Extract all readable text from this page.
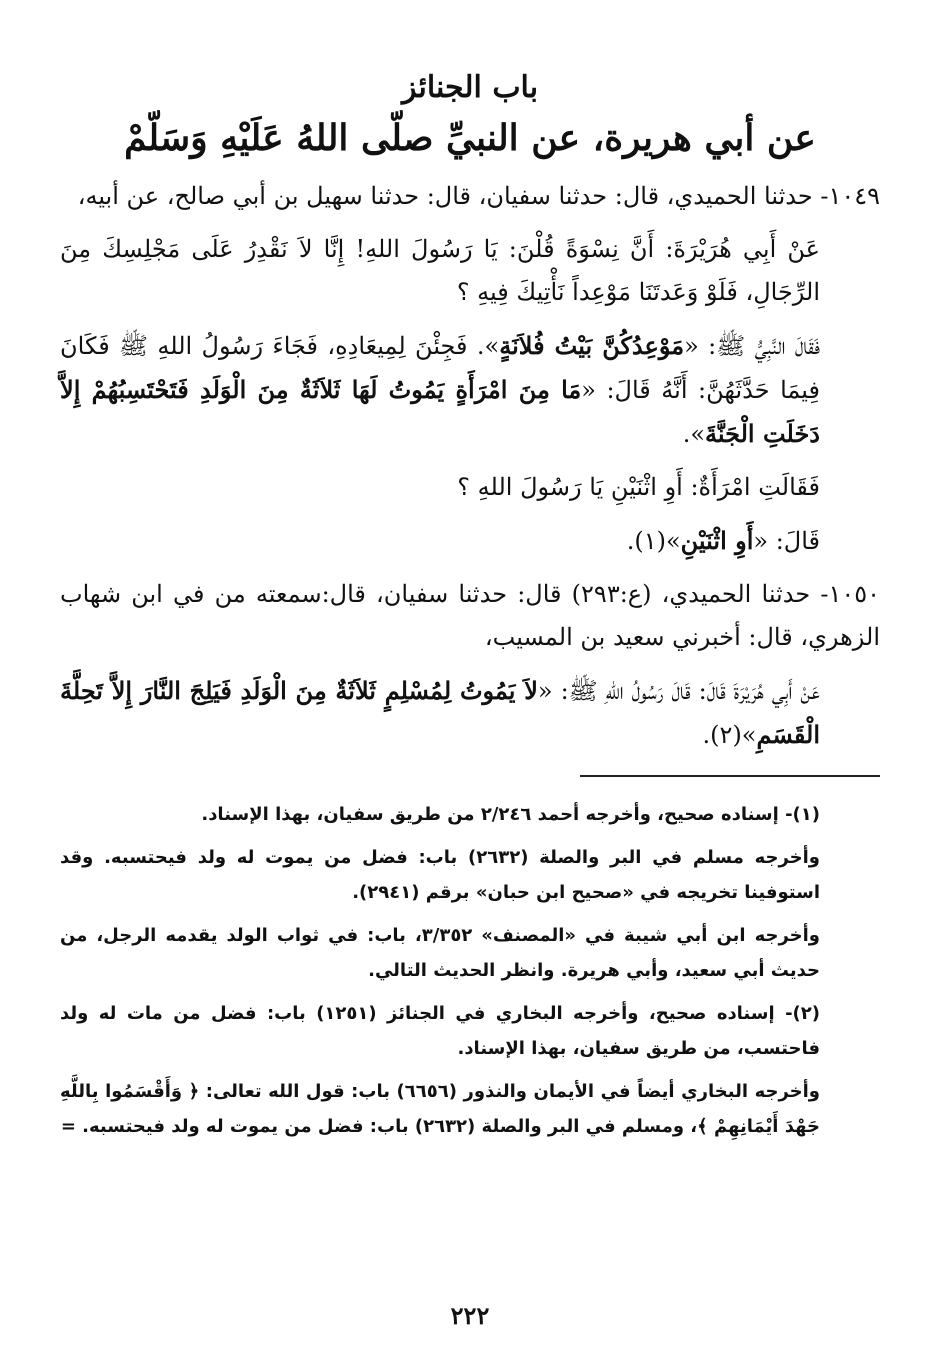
باب الجنائز
عن أبي هريرة، عن النبيِّ صلّى اللهُ عَلَيْهِ وَسَلّمْ

١٠٤٩- حدثنا الحميدي، قال: حدثنا سفيان، قال: حدثنا سهيل بن أبي صالح، عن أبيه،

عَنْ أَبِي هُرَيْرَةَ: أَنَّ نِسْوَةً قُلْنَ: يَا رَسُولَ اللهِ! إِنَّا لاَ نَقْدِرُ عَلَى مَجْلِسِكَ مِنَ الرِّجَالِ، فَلَوْ وَعَدتَنَا مَوْعِداً نَأْتِيكَ فِيهِ ؟

فَقَالَ النَّبِيُّ ﷺ: «مَوْعِدُكُنَّ بَيْتُ فُلاَنَةٍ». فَجِئْنَ لِمِيعَادِهِ، فَجَاءَ رَسُولُ اللهِ ﷺ فَكَانَ فِيمَا حَدَّثَهُنَّ: أَنَّهُ قَالَ: «مَا مِنَ امْرَأَةٍ يَمُوتُ لَهَا ثَلاَثَةٌ مِنَ الْوَلَدِ فَتَحْتَسِبُهُمْ إِلاَّ دَخَلَتِ الْجَنَّةَ».

فَقَالَتِ امْرَأَةٌ: أَوِ اثْنَيْنِ يَا رَسُولَ اللهِ ؟

قَالَ: «أَوِ اثْنَيْنِ»(١).

١٠٥٠- حدثنا الحميدي، (ع:٢٩٣) قال: حدثنا سفيان، قال:سمعته من في ابن شهاب الزهري، قال: أخبرني سعيد بن المسيب،

عَنْ أَبِي هُرَيْرَةَ قَالَ: قَالَ رَسُولُ اللهِ ﷺ: «لاَ يَمُوتُ لِمُسْلِمٍ ثَلاَثَةٌ مِنَ الْوَلَدِ فَيَلِجَ النَّارَ إِلاَّ تَحِلَّةَ الْقَسَمِ»(٢).

(١)- إسناده صحيح، وأخرجه أحمد ٢/٢٤٦ من طريق سفيان، بهذا الإسناد.

وأخرجه مسلم في البر والصلة (٢٦٣٢) باب: فضل من يموت له ولد فيحتسبه. وقد استوفينا تخريجه في «صحيح ابن حبان» برقم (٢٩٤١).

وأخرجه ابن أبي شيبة في «المصنف» ٣/٣٥٢، باب: في ثواب الولد يقدمه الرجل، من حديث أبي سعيد، وأبي هريرة. وانظر الحديث التالي.

(٢)- إسناده صحيح، وأخرجه البخاري في الجنائز (١٢٥١) باب: فضل من مات له ولد فاحتسب، من طريق سفيان، بهذا الإسناد.

وأخرجه البخاري أيضاً في الأيمان والنذور (٦٦٥٦) باب: قول الله تعالى: ﴿ وَأَقْسَمُوا بِاللَّهِ جَهْدَ أَيْمَانِهِمْ ﴾، ومسلم في البر والصلة (٢٦٣٢) باب: فضل من يموت له ولد فيحتسبه. =

٢٢٢
